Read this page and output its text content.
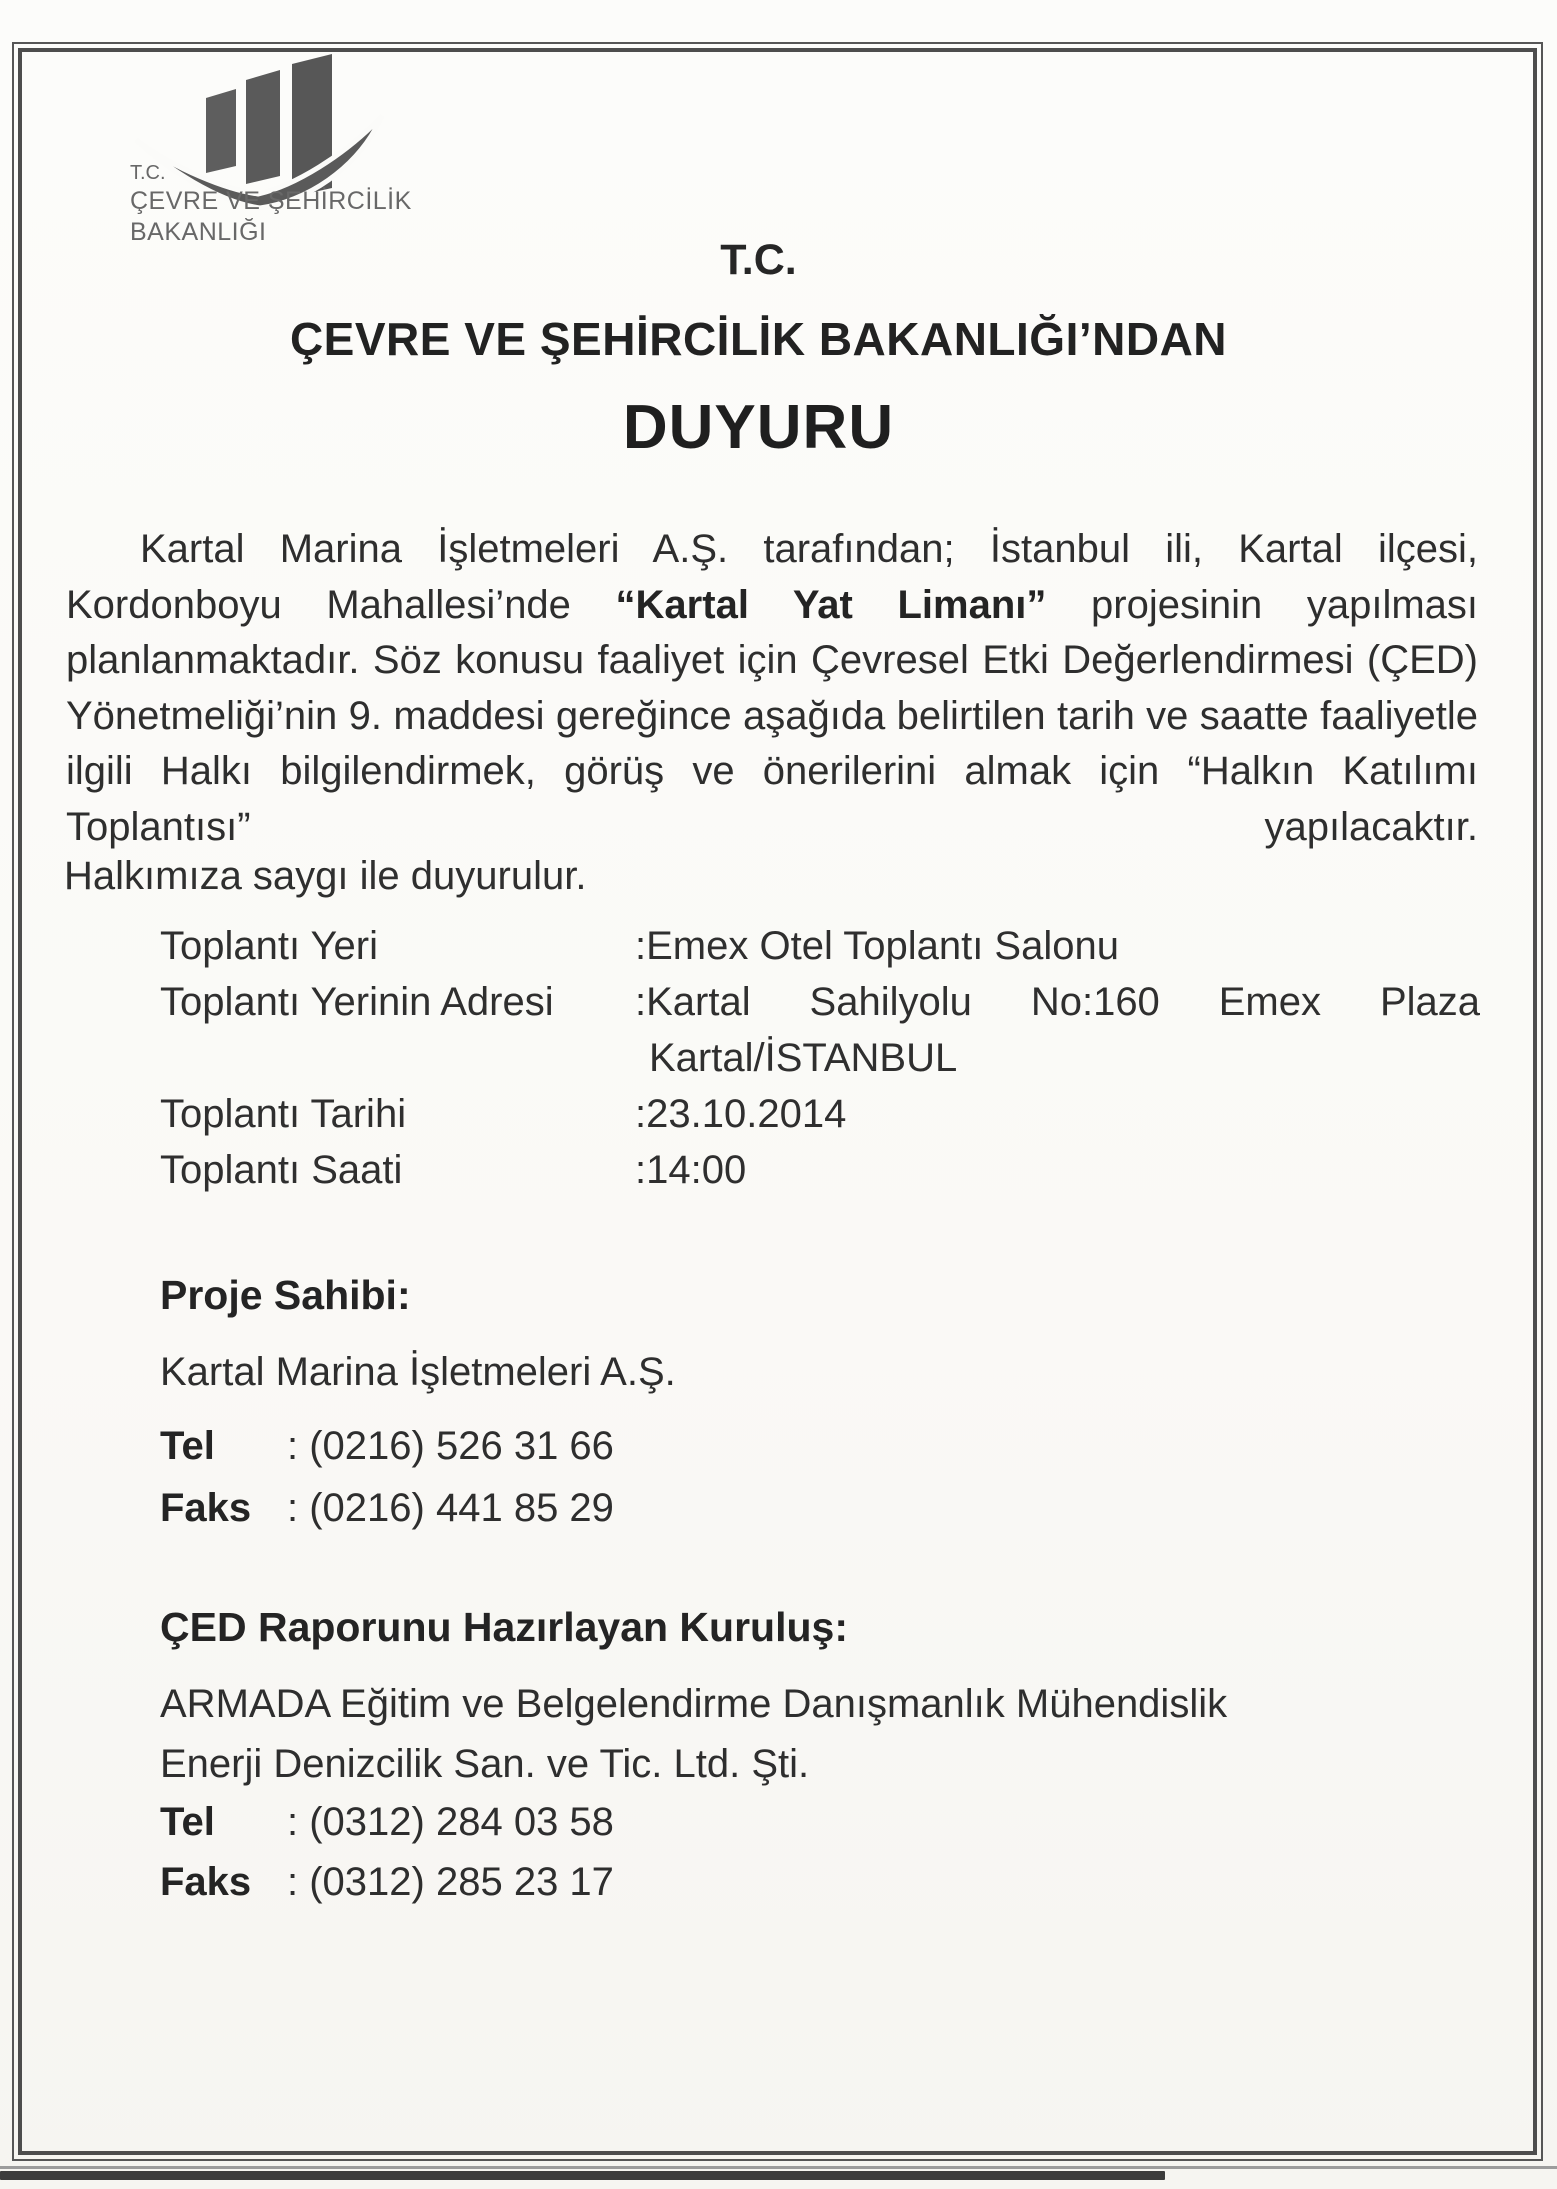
T.C.
ÇEVRE VE ŞEHİRCİLİK
BAKANLIĞI
T.C.
ÇEVRE VE ŞEHİRCİLİK BAKANLIĞI’NDAN
DUYURU

Kartal Marina İşletmeleri A.Ş. tarafından; İstanbul ili, Kartal ilçesi, Kordonboyu Mahallesi’nde “Kartal Yat Limanı” projesinin yapılması planlanmaktadır. Söz konusu faaliyet için Çevresel Etki Değerlendirmesi (ÇED) Yönetmeliği’nin 9. maddesi gereğince aşağıda belirtilen tarih ve saatte faaliyetle ilgili Halkı bilgilendirmek, görüş ve önerilerini almak için “Halkın Katılımı Toplantısı” yapılacaktır.

Halkımıza saygı ile duyurulur.
Toplantı Yeri	:Emex Otel Toplantı Salonu
Toplantı Yerinin Adresi	:Kartal Sahilyolu No:160 Emex Plaza
Kartal/İSTANBUL
Toplantı Tarihi	:23.10.2014
Toplantı Saati	:14:00
Proje Sahibi:
Kartal Marina İşletmeleri A.Ş.
Tel : (0216) 526 31 66
Faks : (0216) 441 85 29
ÇED Raporunu Hazırlayan Kuruluş:
ARMADA Eğitim ve Belgelendirme Danışmanlık Mühendislik
Enerji Denizcilik San. ve Tic. Ltd. Şti.
Tel : (0312) 284 03 58
Faks : (0312) 285 23 17
